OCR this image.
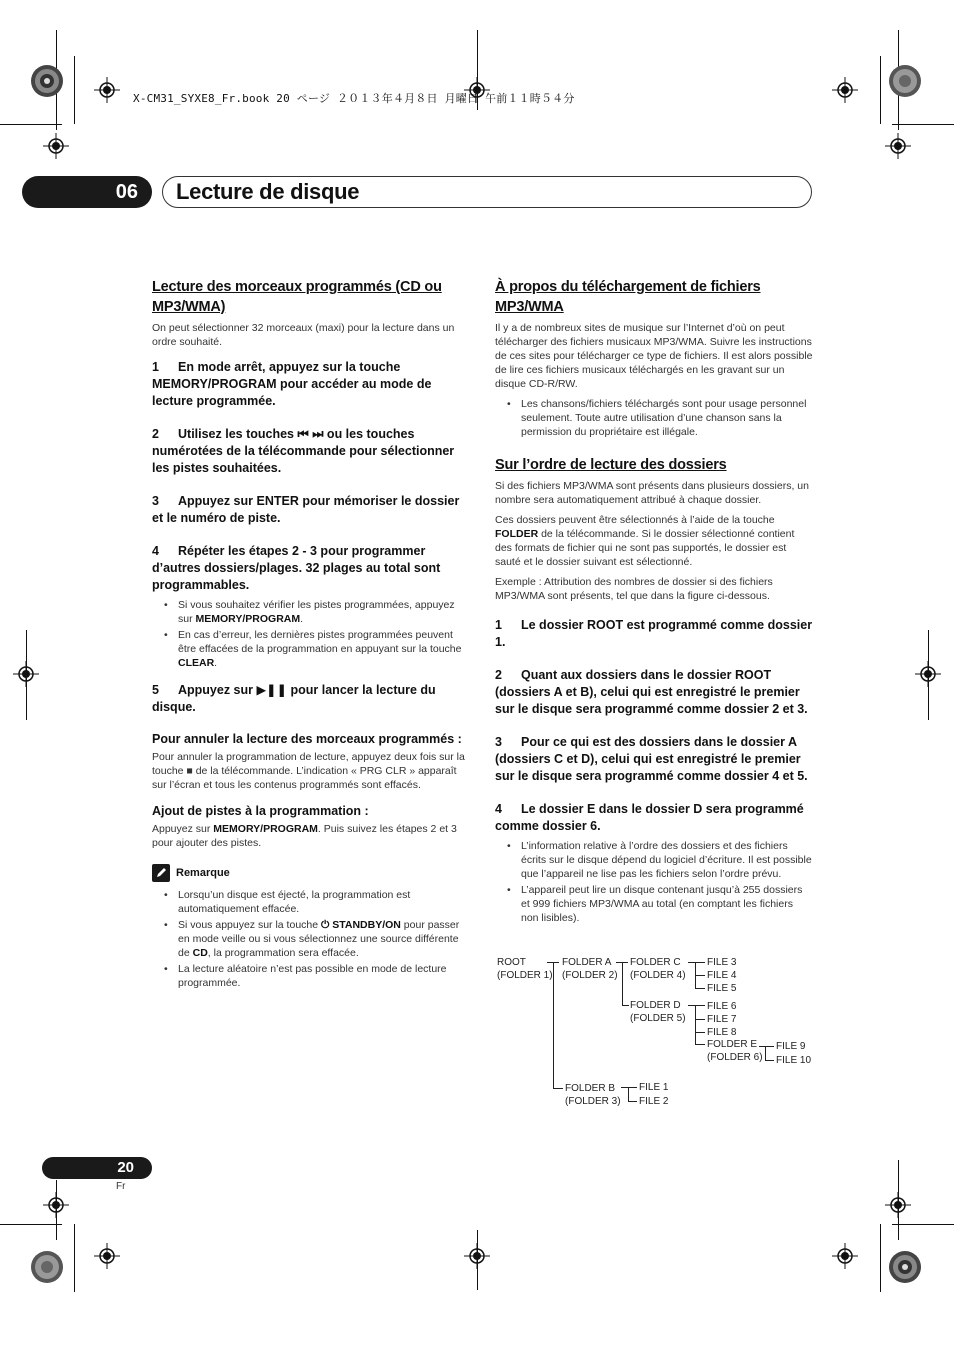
X-CM31_SYXE8_Fr.book 20 ページ ２０１３年４月８日 月曜日 午前１１時５４分
06	Lecture de disque
Lecture des morceaux programmés (CD ou MP3/WMA)

On peut sélectionner 32 morceaux (maxi) pour la lecture dans un ordre souhaité.

1 En mode arrêt, appuyez sur la touche MEMORY/PROGRAM pour accéder au mode de lecture programmée.

2 Utilisez les touches ⏮ ⏭ ou les touches numérotées de la télécommande pour sélectionner les pistes souhaitées.

3 Appuyez sur ENTER pour mémoriser le dossier et le numéro de piste.

4 Répéter les étapes 2 - 3 pour programmer d’autres dossiers/plages. 32 plages au total sont programmables.

• Si vous souhaitez vérifier les pistes programmées, appuyez sur MEMORY/PROGRAM.
• En cas d’erreur, les dernières pistes programmées peuvent être effacées de la programmation en appuyant sur la touche CLEAR.

5 Appuyez sur ▶❚❚ pour lancer la lecture du disque.

Pour annuler la lecture des morceaux programmés :

Pour annuler la programmation de lecture, appuyez deux fois sur la touche ■ de la télécommande. L’indication « PRG CLR » apparaît sur l’écran et tous les contenus programmés sont effacés.

Ajout de pistes à la programmation :

Appuyez sur MEMORY/PROGRAM. Puis suivez les étapes 2 et 3 pour ajouter des pistes.

Remarque
• Lorsqu’un disque est éjecté, la programmation est automatiquement effacée.
• Si vous appuyez sur la touche ⏻ STANDBY/ON pour passer en mode veille ou si vous sélectionnez une source différente de CD, la programmation sera effacée.
• La lecture aléatoire n’est pas possible en mode de lecture programmée.
À propos du téléchargement de fichiers MP3/WMA

Il y a de nombreux sites de musique sur l’Internet d’où on peut télécharger des fichiers musicaux MP3/WMA. Suivre les instructions de ces sites pour télécharger ce type de fichiers. Il est alors possible de lire ces fichiers musicaux téléchargés en les gravant sur un disque CD-R/RW.

• Les chansons/fichiers téléchargés sont pour usage personnel seulement. Toute autre utilisation d’une chanson sans la permission du propriétaire est illégale.
Sur l’ordre de lecture des dossiers

Si des fichiers MP3/WMA sont présents dans plusieurs dossiers, un nombre sera automatiquement attribué à chaque dossier.

Ces dossiers peuvent être sélectionnés à l’aide de la touche FOLDER de la télécommande. Si le dossier sélectionné contient des formats de fichier qui ne sont pas supportés, le dossier est sauté et le dossier suivant est sélectionné.

Exemple : Attribution des nombres de dossier si des fichiers MP3/WMA sont présents, tel que dans la figure ci-dessous.

1 Le dossier ROOT est programmé comme dossier 1.

2 Quant aux dossiers dans le dossier ROOT (dossiers A et B), celui qui est enregistré le premier sur le disque sera programmé comme dossier 2 et 3.

3 Pour ce qui est des dossiers dans le dossier A (dossiers C et D), celui qui est enregistré le premier sur le disque sera programmé comme dossier 4 et 5.

4 Le dossier E dans le dossier D sera programmé comme dossier 6.

• L’information relative à l’ordre des dossiers et des fichiers écrits sur le disque dépend du logiciel d’écriture. Il est possible que l’appareil ne lise pas les fichiers selon l’ordre prévu.
• L’appareil peut lire un disque contenant jusqu’à 255 dossiers et 999 fichiers MP3/WMA au total (en comptant les fichiers non lisibles).
ROOT
(FOLDER 1)
FOLDER A
(FOLDER 2)
FOLDER C
(FOLDER 4)
FOLDER D
(FOLDER 5)
FOLDER E
(FOLDER 6)
FOLDER B
(FOLDER 3)
FILE 3
FILE 4
FILE 5
FILE 6
FILE 7
FILE 8
FILE 9
FILE 10
FILE 1
FILE 2
20
Fr
